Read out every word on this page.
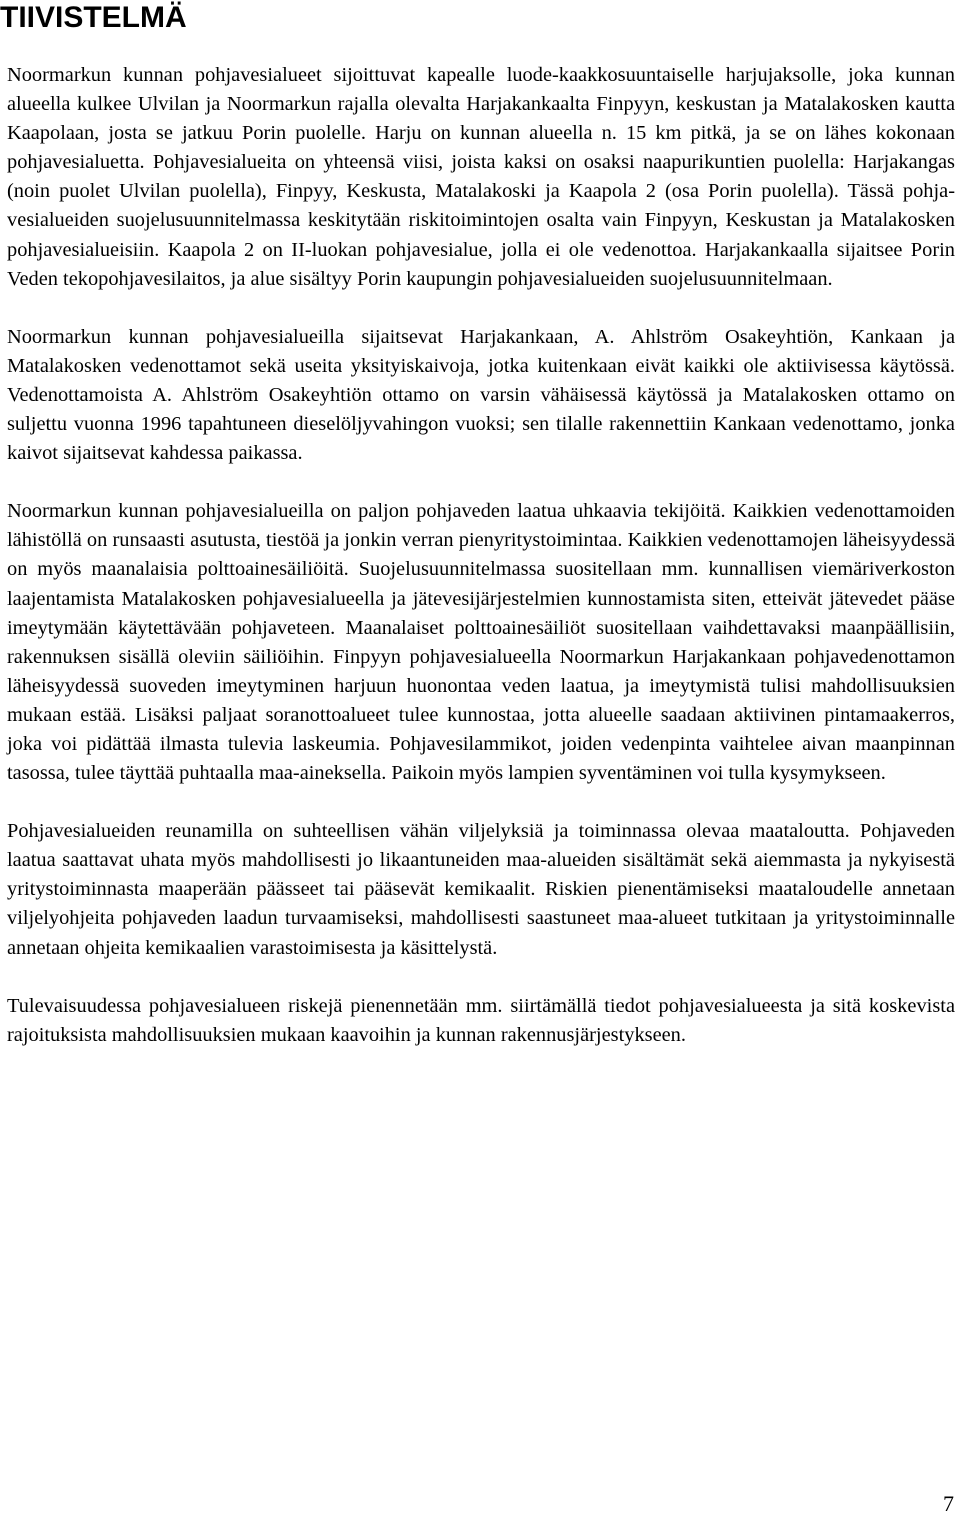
TIIVISTELMÄ

Noormarkun kunnan pohjavesialueet sijoittuvat kapealle luode-kaakkosuuntaiselle harjujaksolle, joka kunnan alueella kulkee Ulvilan ja Noormarkun rajalla olevalta Harjakankaalta Finpyyn, keskustan ja Matalakosken kautta Kaapolaan, josta se jatkuu Porin puolelle. Harju on kunnan alueella n. 15 km pitkä, ja se on lähes kokonaan pohjavesialuetta. Pohjavesialueita on yhteensä viisi, joista kaksi on osaksi naapurikuntien puolella: Harjakangas (noin puolet Ulvilan puolella), Finpyy, Keskusta, Matalakoski ja Kaapola 2 (osa Porin puolella). Tässä pohjavesialueiden suojelusuunnitelmassa keskitytään riskitoimintojen osalta vain Finpyyn, Keskustan ja Matalakosken pohjavesialueisiin. Kaapola 2 on II-luokan pohjavesialue, jolla ei ole vedenottoa. Harjakankaalla sijaitsee Porin Veden tekopohjavesilaitos, ja alue sisältyy Porin kaupungin pohjavesialueiden suojelusuunnitelmaan.

Noormarkun kunnan pohjavesialueilla sijaitsevat Harjakankaan, A. Ahlström Osakeyhtiön, Kankaan ja Matalakosken vedenottamot sekä useita yksityiskaivoja, jotka kuitenkaan eivät kaikki ole aktiivisessa käytössä. Vedenottamoista A. Ahlström Osakeyhtiön ottamo on varsin vähäisessä käytössä ja Matalakosken ottamo on suljettu vuonna 1996 tapahtuneen dieselöljyvahingon vuoksi; sen tilalle rakennettiin Kankaan vedenottamo, jonka kaivot sijaitsevat kahdessa paikassa.

Noormarkun kunnan pohjavesialueilla on paljon pohjaveden laatua uhkaavia tekijöitä. Kaikkien vedenottamoiden lähistöllä on runsaasti asutusta, tiestöä ja jonkin verran pienyritystoimintaa. Kaikkien vedenottamojen läheisyydessä on myös maanalaisia polttoainesäiliöitä. Suojelusuunnitelmassa suositellaan mm. kunnallisen viemäriverkoston laajentamista Matalakosken pohjavesialueella ja jätevesijärjestelmien kunnostamista siten, etteivät jätevedet pääse imeytymään käytettävään pohjaveteen. Maanalaiset polttoainesäiliöt suositellaan vaihdettavaksi maanpäällisiin, rakennuksen sisällä oleviin säiliöihin. Finpyyn pohjavesialueella Noormarkun Harjakankaan pohjavedenottamon läheisyydessä suoveden imeytyminen harjuun huonontaa veden laatua, ja imeytymistä tulisi mahdollisuuksien mukaan estää. Lisäksi paljaat soranottoalueet tulee kunnostaa, jotta alueelle saadaan aktiivinen pintamaakerros, joka voi pidättää ilmasta tulevia laskeumia. Pohjavesilammikot, joiden vedenpinta vaihtelee aivan maanpinnan tasossa, tulee täyttää puhtaalla maa-aineksella. Paikoin myös lampien syventäminen voi tulla kysymykseen.

Pohjavesialueiden reunamilla on suhteellisen vähän viljelyksiä ja toiminnassa olevaa maataloutta. Pohjaveden laatua saattavat uhata myös mahdollisesti jo likaantuneiden maa-alueiden sisältämät sekä aiemmasta ja nykyisestä yritystoiminnasta maaperään päässeet tai pääsevät kemikaalit. Riskien pienentämiseksi maataloudelle annetaan viljelyohjeita pohjaveden laadun turvaamiseksi, mahdollisesti saastuneet maa-alueet tutkitaan ja yritystoiminnalle annetaan ohjeita kemikaalien varastoimisesta ja käsittelystä.

Tulevaisuudessa pohjavesialueen riskejä pienennetään mm. siirtämällä tiedot pohjavesialueesta ja sitä koskevista rajoituksista mahdollisuuksien mukaan kaavoihin ja kunnan rakennusjärjestykseen.

7
